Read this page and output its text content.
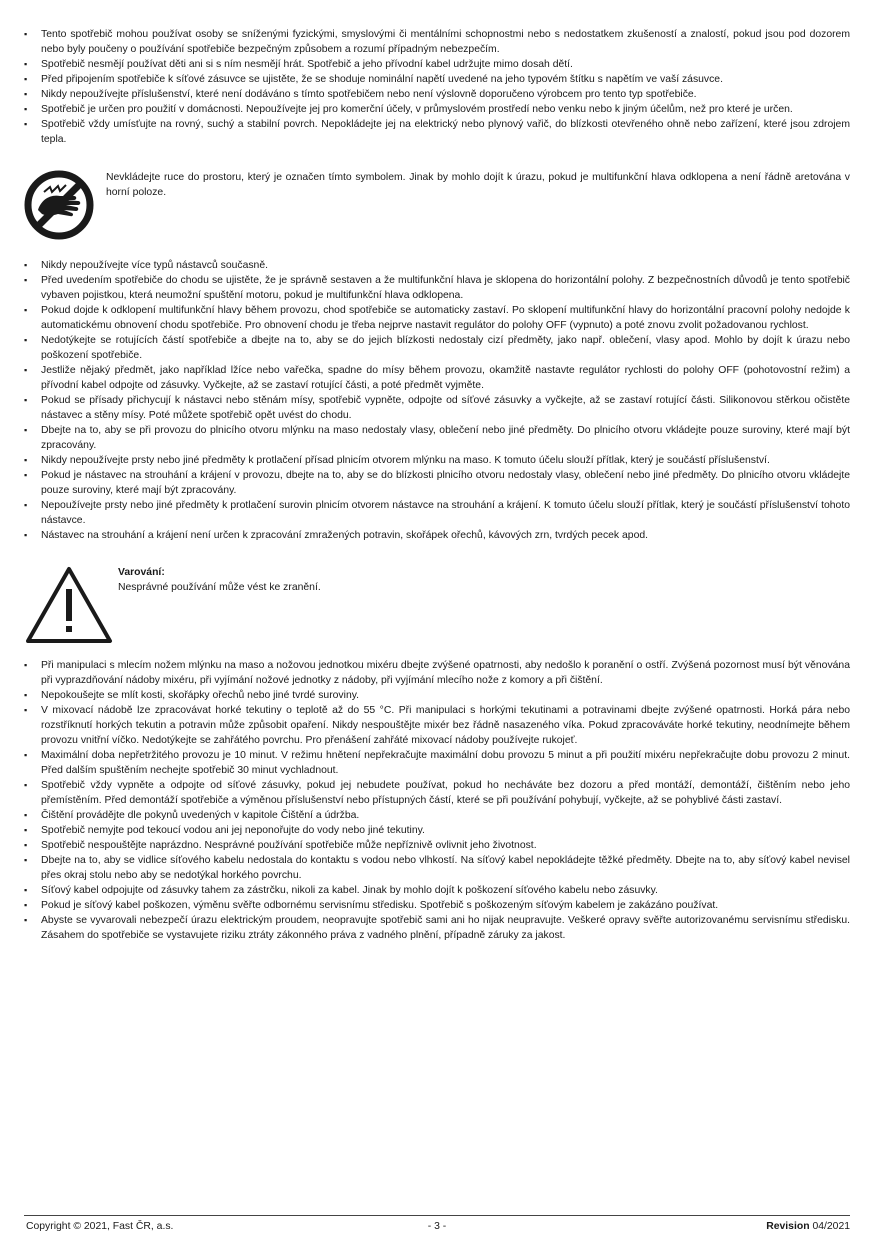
▪ Tento spotřebič mohou používat osoby se sníženými fyzickými, smyslovými či mentálními schopnostmi nebo s nedostatkem zkušeností a znalostí, pokud jsou pod dozorem nebo byly poučeny o používání spotřebiče bezpečným způsobem a rozumí případným nebezpečím.
▪ Spotřebič nesmějí používat děti ani si s ním nesmějí hrát. Spotřebič a jeho přívodní kabel udržujte mimo dosah dětí.
▪ Před připojením spotřebiče k síťové zásuvce se ujistěte, že se shoduje nominální napětí uvedené na jeho typovém štítku s napětím ve vaší zásuvce.
▪ Nikdy nepoužívejte příslušenství, které není dodáváno s tímto spotřebičem nebo není výslovně doporučeno výrobcem pro tento typ spotřebiče.
▪ Spotřebič je určen pro použití v domácnosti. Nepoužívejte jej pro komerční účely, v průmyslovém prostředí nebo venku nebo k jiným účelům, než pro které je určen.
▪ Spotřebič vždy umísťujte na rovný, suchý a stabilní povrch. Nepokládejte jej na elektrický nebo plynový vařič, do blízkosti otevřeného ohně nebo zařízení, které jsou zdrojem tepla.
Nevkládejte ruce do prostoru, který je označen tímto symbolem. Jinak by mohlo dojít k úrazu, pokud je multifunkční hlava odklopena a není řádně aretována v horní poloze.
▪ Nikdy nepoužívejte více typů nástavců současně.
▪ Před uvedením spotřebiče do chodu se ujistěte, že je správně sestaven a že multifunkční hlava je sklopena do horizontální polohy. Z bezpečnostních důvodů je tento spotřebič vybaven pojistkou, která neumožní spuštění motoru, pokud je multifunkční hlava odklopena.
▪ Pokud dojde k odklopení multifunkční hlavy během provozu, chod spotřebiče se automaticky zastaví. Po sklopení multifunkční hlavy do horizontální pracovní polohy nedojde k automatickému obnovení chodu spotřebiče. Pro obnovení chodu je třeba nejprve nastavit regulátor do polohy OFF (vypnuto) a poté znovu zvolit požadovanou rychlost.
▪ Nedotýkejte se rotujících částí spotřebiče a dbejte na to, aby se do jejich blízkosti nedostaly cizí předměty, jako např. oblečení, vlasy apod. Mohlo by dojít k úrazu nebo poškození spotřebiče.
▪ Jestliže nějaký předmět, jako například lžíce nebo vařečka, spadne do mísy během provozu, okamžitě nastavte regulátor rychlosti do polohy OFF (pohotovostní režim) a přívodní kabel odpojte od zásuvky. Vyčkejte, až se zastaví rotující části, a poté předmět vyjměte.
▪ Pokud se přísady přichycují k nástavci nebo stěnám mísy, spotřebič vypněte, odpojte od síťové zásuvky a vyčkejte, až se zastaví rotující části. Silikonovou stěrkou očistěte nástavec a stěny mísy. Poté můžete spotřebič opět uvést do chodu.
▪ Dbejte na to, aby se při provozu do plnicího otvoru mlýnku na maso nedostaly vlasy, oblečení nebo jiné předměty. Do plnicího otvoru vkládejte pouze suroviny, které mají být zpracovány.
▪ Nikdy nepoužívejte prsty nebo jiné předměty k protlačení přísad plnicím otvorem mlýnku na maso. K tomuto účelu slouží přítlak, který je součástí příslušenství.
▪ Pokud je nástavec na strouhání a krájení v provozu, dbejte na to, aby se do blízkosti plnicího otvoru nedostaly vlasy, oblečení nebo jiné předměty. Do plnicího otvoru vkládejte pouze suroviny, které mají být zpracovány.
▪ Nepoužívejte prsty nebo jiné předměty k protlačení surovin plnicím otvorem nástavce na strouhání a krájení. K tomuto účelu slouží přítlak, který je součástí příslušenství tohoto nástavce.
▪ Nástavec na strouhání a krájení není určen k zpracování zmražených potravin, skořápek ořechů, kávových zrn, tvrdých pecek apod.
Varování:
Nesprávné používání může vést ke zranění.
▪ Při manipulaci s mlecím nožem mlýnku na maso a nožovou jednotkou mixéru dbejte zvýšené opatrnosti, aby nedošlo k poranění o ostří. Zvýšená pozornost musí být věnována při vyprazdňování nádoby mixéru, při vyjímání nožové jednotky z nádoby, při vyjímání mlecího nože z komory a při čištění.
▪ Nepokoušejte se mlít kosti, skořápky ořechů nebo jiné tvrdé suroviny.
▪ V mixovací nádobě lze zpracovávat horké tekutiny o teplotě až do 55 °C. Při manipulaci s horkými tekutinami a potravinami dbejte zvýšené opatrnosti. Horká pára nebo rozstříknutí horkých tekutin a potravin může způsobit opaření. Nikdy nespouštějte mixér bez řádně nasazeného víka. Pokud zpracováváte horké tekutiny, neodnímejte během provozu vnitřní víčko. Nedotýkejte se zahřátého povrchu. Pro přenášení zahřáté mixovací nádoby používejte rukojeť.
▪ Maximální doba nepřetržitého provozu je 10 minut. V režimu hnětení nepřekračujte maximální dobu provozu 5 minut a při použití mixéru nepřekračujte dobu provozu 2 minut. Před dalším spuštěním nechejte spotřebič 30 minut vychladnout.
▪ Spotřebič vždy vypněte a odpojte od síťové zásuvky, pokud jej nebudete používat, pokud ho necháváte bez dozoru a před montáží, demontáží, čištěním nebo jeho přemístěním. Před demontáží spotřebiče a výměnou příslušenství nebo přístupných částí, které se při používání pohybují, vyčkejte, až se pohyblivé části zastaví.
▪ Čištění provádějte dle pokynů uvedených v kapitole Čištění a údržba.
▪ Spotřebič nemyjte pod tekoucí vodou ani jej neponořujte do vody nebo jiné tekutiny.
▪ Spotřebič nespouštějte naprázdno. Nesprávné používání spotřebiče může nepříznivě ovlivnit jeho životnost.
▪ Dbejte na to, aby se vidlice síťového kabelu nedostala do kontaktu s vodou nebo vlhkostí. Na síťový kabel nepokládejte těžké předměty. Dbejte na to, aby síťový kabel nevisel přes okraj stolu nebo aby se nedotýkal horkého povrchu.
▪ Síťový kabel odpojujte od zásuvky tahem za zástrčku, nikoli za kabel. Jinak by mohlo dojít k poškození síťového kabelu nebo zásuvky.
▪ Pokud je síťový kabel poškozen, výměnu svěřte odbornému servisnímu středisku. Spotřebič s poškozeným síťovým kabelem je zakázáno používat.
▪ Abyste se vyvarovali nebezpečí úrazu elektrickým proudem, neopravujte spotřebič sami ani ho nijak neupravujte. Veškeré opravy svěřte autorizovanému servisnímu středisku. Zásahem do spotřebiče se vystavujete riziku ztráty zákonného práva z vadného plnění, případně záruky za jakost.
Copyright © 2021, Fast ČR, a.s.	- 3 -	Revision 04/2021
